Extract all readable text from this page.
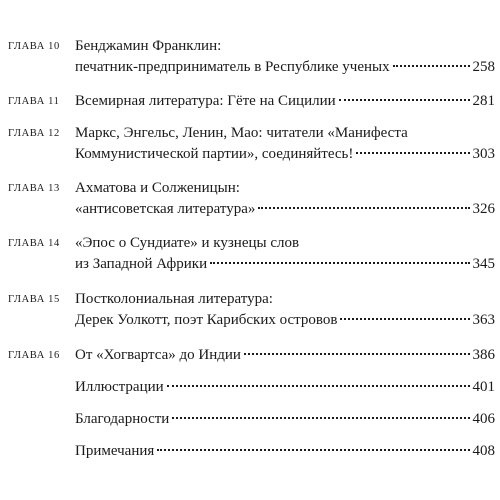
ГЛАВА 10 Бенджамин Франклин:
печатник-предприниматель в Республике ученых	258
ГЛАВА 11 Всемирная литература: Гёте на Сицилии	281
ГЛАВА 12 Маркс, Энгельс, Ленин, Мао: читатели «Манифеста
Коммунистической партии», соединяйтесь!	303
ГЛАВА 13 Ахматова и Солженицын:
«антисоветская литература»	326
ГЛАВА 14 «Эпос о Сундиате» и кузнецы слов
из Западной Африки	345
ГЛАВА 15 Постколониальная литература:
Дерек Уолкотт, поэт Карибских островов	363
ГЛАВА 16 От «Хогвартса» до Индии	386
Иллюстрации	401
Благодарности	406
Примечания	408
